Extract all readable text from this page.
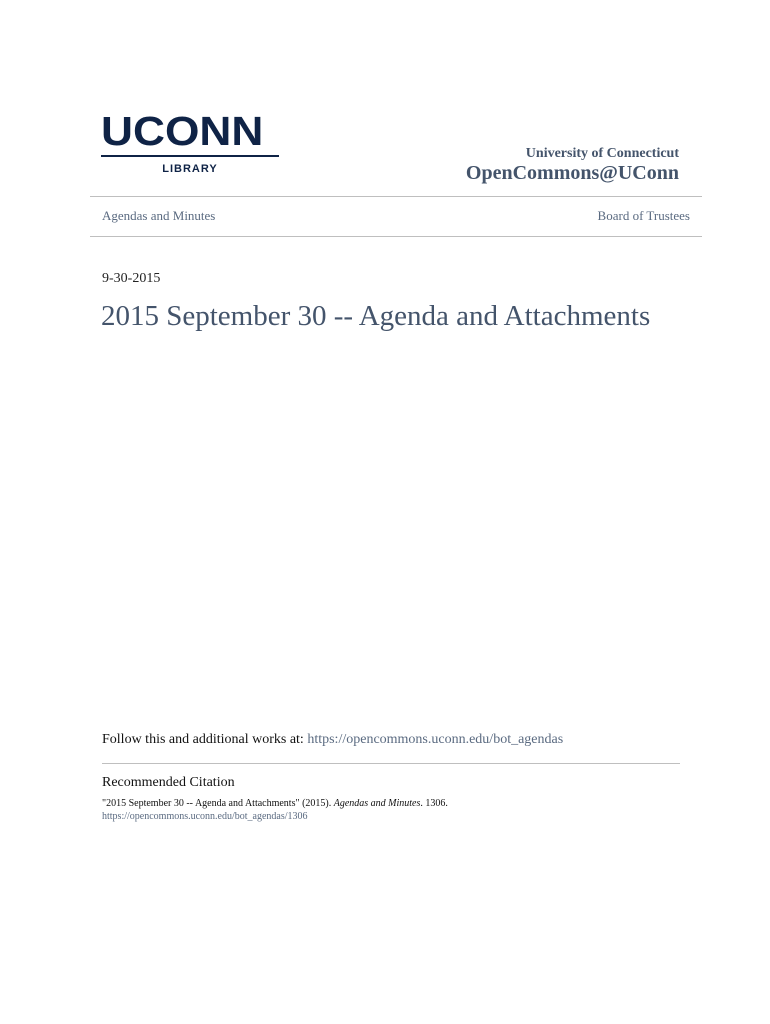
UCONN
LIBRARY
University of Connecticut
OpenCommons@UConn
Agendas and Minutes	Board of Trustees
9-30-2015
2015 September 30 -- Agenda and Attachments
Follow this and additional works at: https://opencommons.uconn.edu/bot_agendas
Recommended Citation
"2015 September 30 -- Agenda and Attachments" (2015). Agendas and Minutes. 1306.
https://opencommons.uconn.edu/bot_agendas/1306
